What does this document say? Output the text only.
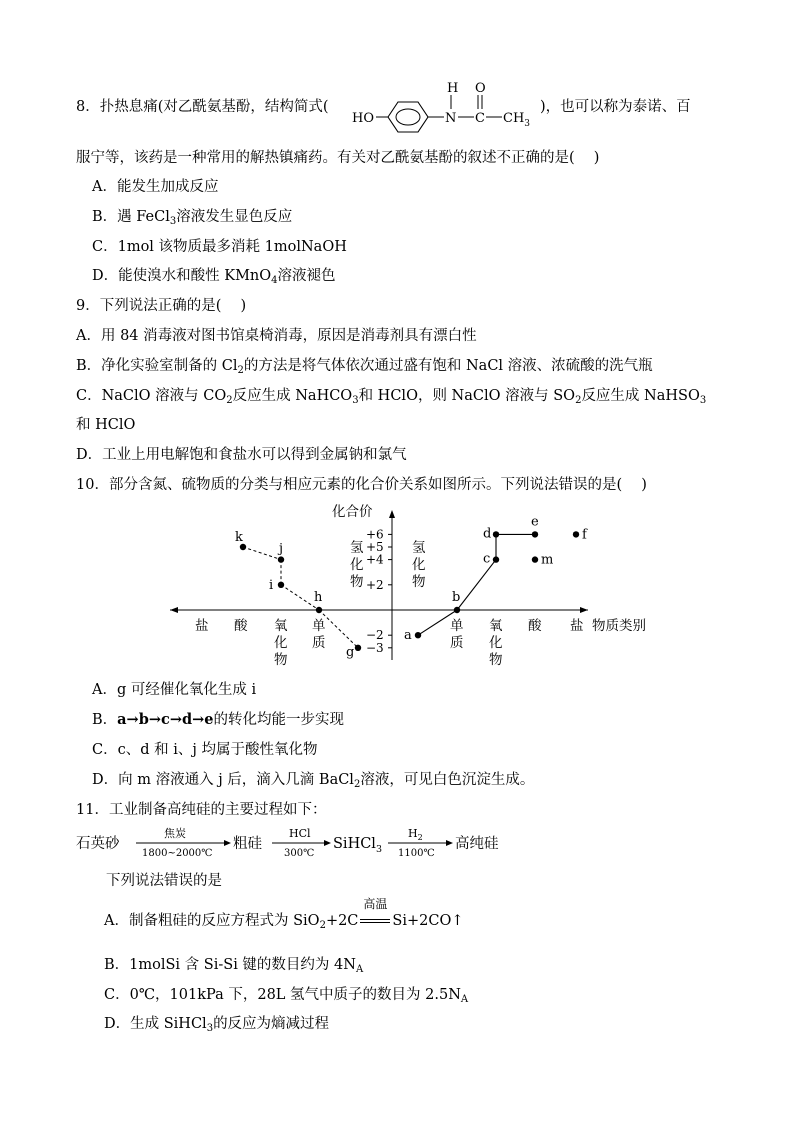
8．扑热息痛(对乙酰氨基酚，结构简式(
HO	N
H
C
O
$CH_3$
)，也可以称为泰诺、百
服宁等，该药是一种常用的解热镇痛药。有关对乙酰氨基酚的叙述不正确的是(　 )
A．能发生加成反应
B．遇 FeCl$_3$溶液发生显色反应
C．1mol 该物质最多消耗 1molNaOH
D．能使溴水和酸性 KMnO$_4$溶液褪色
9．下列说法正确的是(　 )
A．用 84 消毒液对图书馆桌椅消毒，原因是消毒剂具有漂白性
B．净化实验室制备的 $Cl_2$的方法是将气体依次通过盛有饱和 NaCl 溶液、浓硫酸的洗气瓶
C．NaClO 溶液与 $CO_2$反应生成 NaHCO$_3$和 HClO，则 NaClO 溶液与 $SO_2$反应生成 NaHSO$_3$
和 HClO
D．工业上用电解饱和食盐水可以得到金属钠和氯气
10．部分含氮、硫物质的分类与相应元素的化合价关系如图所示。下列说法错误的是(　 )
化合价
物质类别
+6
+5
+4
+2
−2
−3
盐 酸 氧
化
物
单
质
单
质
氧
化
物
酸 盐
氢
化
物
氢
化
物
k
j
i
h
g
a
b
c
d
e
m
f
A．g 可经催化氧化生成 i
B．a→b→c→d→e的转化均能一步实现
C．c、d 和 i、j 均属于酸性氧化物
D．向 m 溶液通入 j 后，滴入几滴 BaCl$_2$溶液，可见白色沉淀生成。
11．工业制备高纯硅的主要过程如下：
石英砂
焦炭
1800~2000℃
粗硅
HCl
300℃
SiHCl$_3$
$H_2$
1100℃
高纯硅
下列说法错误的是
A．制备粗硅的反应方程式为 SiO$_2$+2C
高温
Si+2CO↑
B．1molSi 含 Si-Si 键的数目约为 $4N_A$
C．0℃，101kPa 下，28L 氢气中质子的数目为 $2.5N_A$
D．生成 SiHCl$_3$的反应为熵减过程
